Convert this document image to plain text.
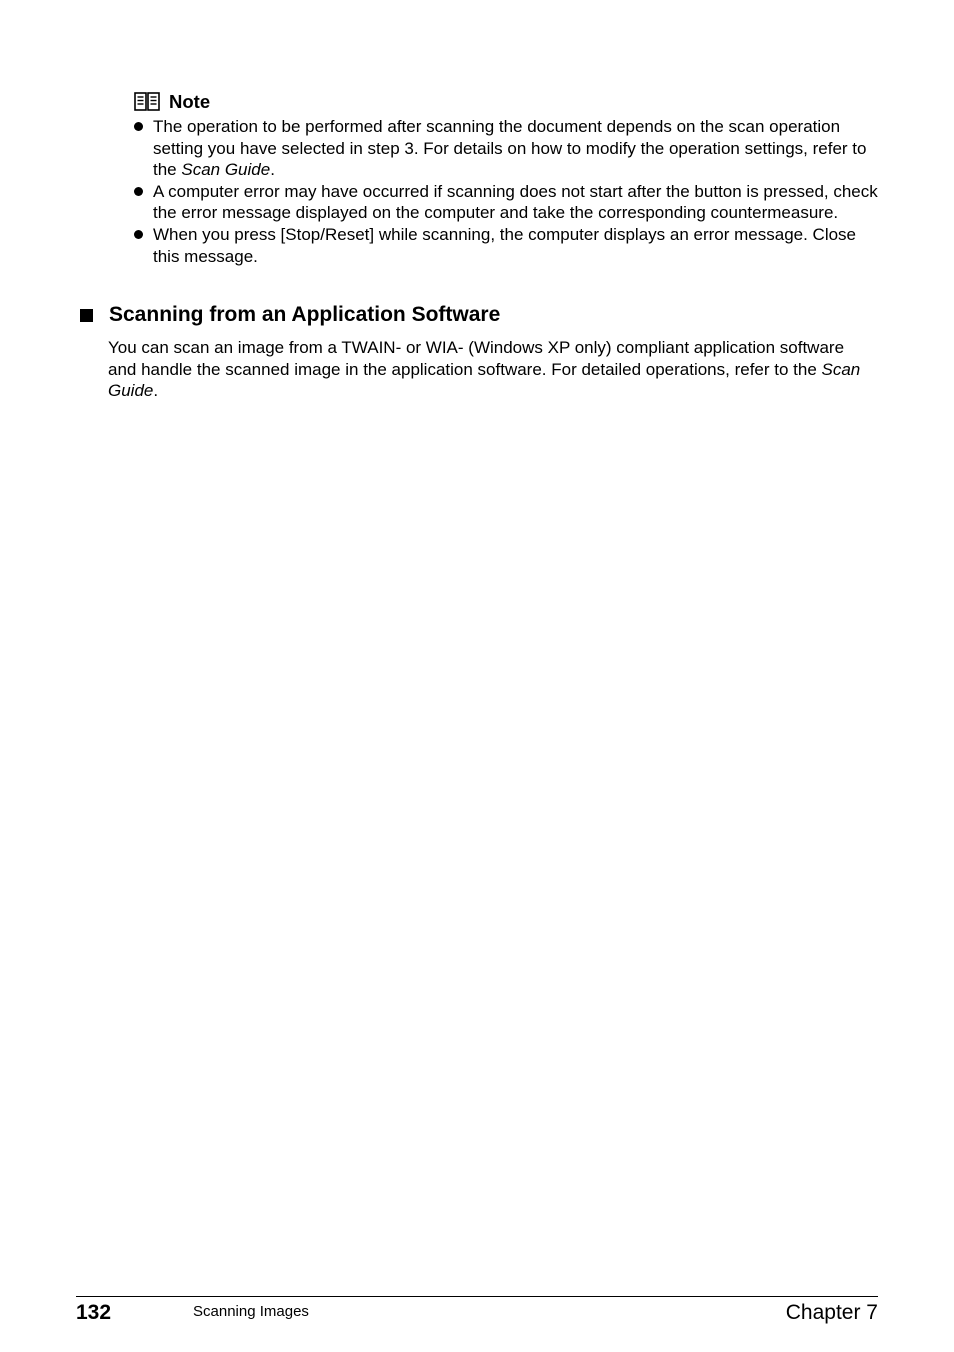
Note
The operation to be performed after scanning the document depends on the scan operation setting you have selected in step 3. For details on how to modify the operation settings, refer to the Scan Guide.
A computer error may have occurred if scanning does not start after the button is pressed, check the error message displayed on the computer and take the corresponding countermeasure.
When you press [Stop/Reset] while scanning, the computer displays an error message. Close this message.
Scanning from an Application Software

You can scan an image from a TWAIN- or WIA- (Windows XP only) compliant application software and handle the scanned image in the application software. For detailed operations, refer to the Scan Guide.

132	Scanning Images	Chapter 7
